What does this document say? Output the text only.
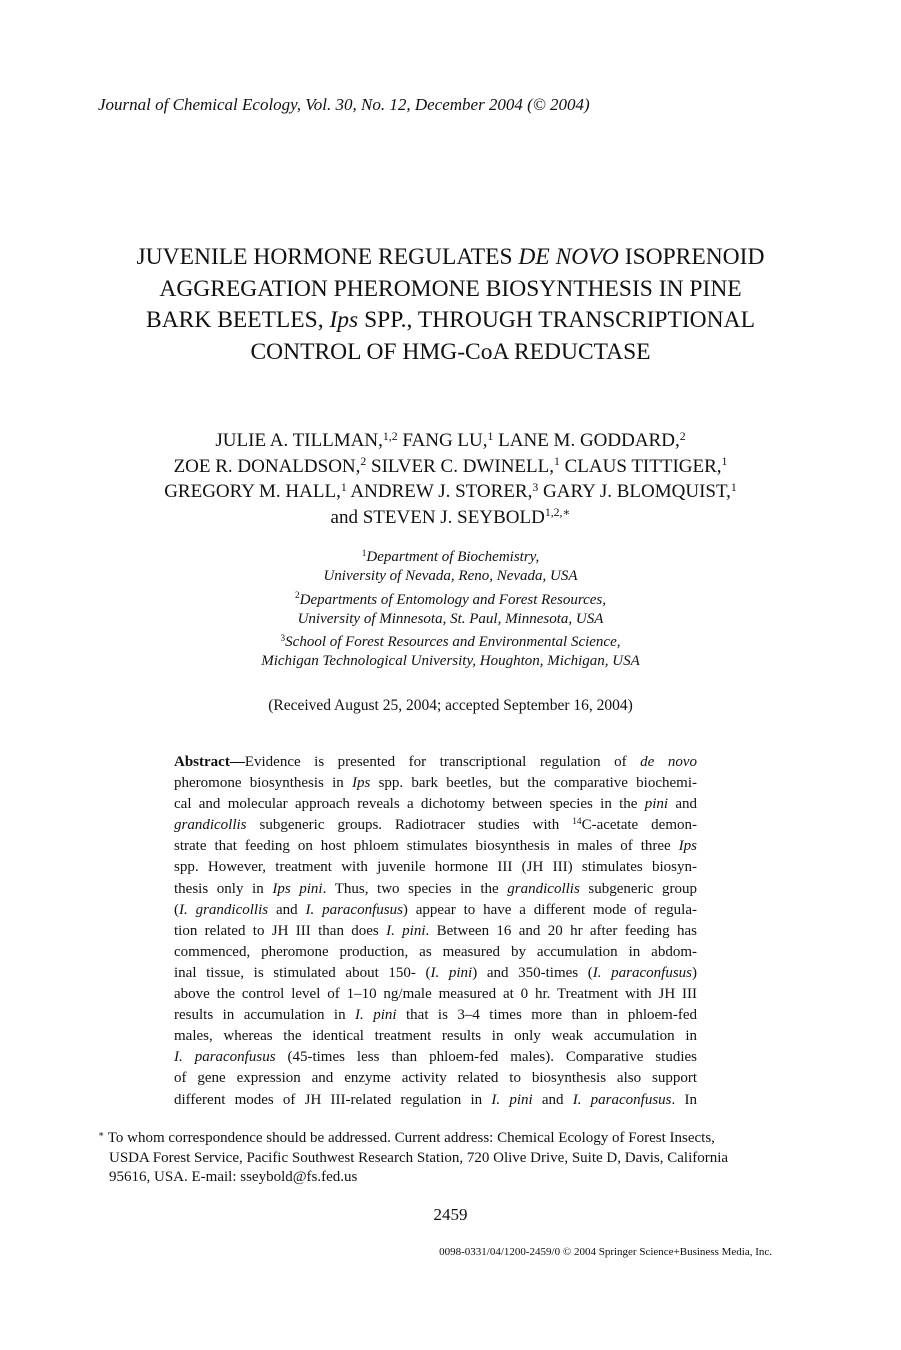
Journal of Chemical Ecology, Vol. 30, No. 12, December 2004 (© 2004)
JUVENILE HORMONE REGULATES DE NOVO ISOPRENOID
AGGREGATION PHEROMONE BIOSYNTHESIS IN PINE
BARK BEETLES, Ips SPP., THROUGH TRANSCRIPTIONAL
CONTROL OF HMG-CoA REDUCTASE
JULIE A. TILLMAN,$^{1,2}$ FANG LU,$^1$ LANE M. GODDARD,$^2$
ZOE R. DONALDSON,$^2$ SILVER C. DWINELL,$^1$ CLAUS TITTIGER,$^1$
GREGORY M. HALL,$^1$ ANDREW J. STORER,$^3$ GARY J. BLOMQUIST,$^1$
and STEVEN J. $SEYBOLD^{1,2,∗}$
$^1$Department of Biochemistry,
University of Nevada, Reno, Nevada, USA
$^2$Departments of Entomology and Forest Resources,
University of Minnesota, St. Paul, Minnesota, USA
$^3$School of Forest Resources and Environmental Science,
Michigan Technological University, Houghton, Michigan, USA
(Received August 25, 2004; accepted September 16, 2004)
Abstract—Evidence is presented for transcriptional regulation of de novo
pheromone biosynthesis in Ips spp. bark beetles, but the comparative biochemi-
cal and molecular approach reveals a dichotomy between species in the pini and
grandicollis subgeneric groups. Radiotracer studies with $^{14}$C-acetate demon-
strate that feeding on host phloem stimulates biosynthesis in males of three Ips
spp. However, treatment with juvenile hormone III (JH III) stimulates biosyn-
thesis only in Ips pini. Thus, two species in the grandicollis subgeneric group
(I. grandicollis and I. paraconfusus) appear to have a different mode of regula-
tion related to JH III than does I. pini. Between 16 and 20 hr after feeding has
commenced, pheromone production, as measured by accumulation in abdom-
inal tissue, is stimulated about 150- (I. pini) and 350-times (I. paraconfusus)
above the control level of 1–10 ng/male measured at 0 hr. Treatment with JH III
results in accumulation in I. pini that is 3–4 times more than in phloem-fed
males, whereas the identical treatment results in only weak accumulation in
I. paraconfusus (45-times less than phloem-fed males). Comparative studies
of gene expression and enzyme activity related to biosynthesis also support
different modes of JH III-related regulation in I. pini and I. paraconfusus. In
∗ To whom correspondence should be addressed. Current address: Chemical Ecology of Forest Insects,
USDA Forest Service, Pacific Southwest Research Station, 720 Olive Drive, Suite D, Davis, California
95616, USA. E-mail: sseybold@fs.fed.us
2459
0098-0331/04/1200-2459/0 © 2004 Springer Science+Business Media, Inc.
